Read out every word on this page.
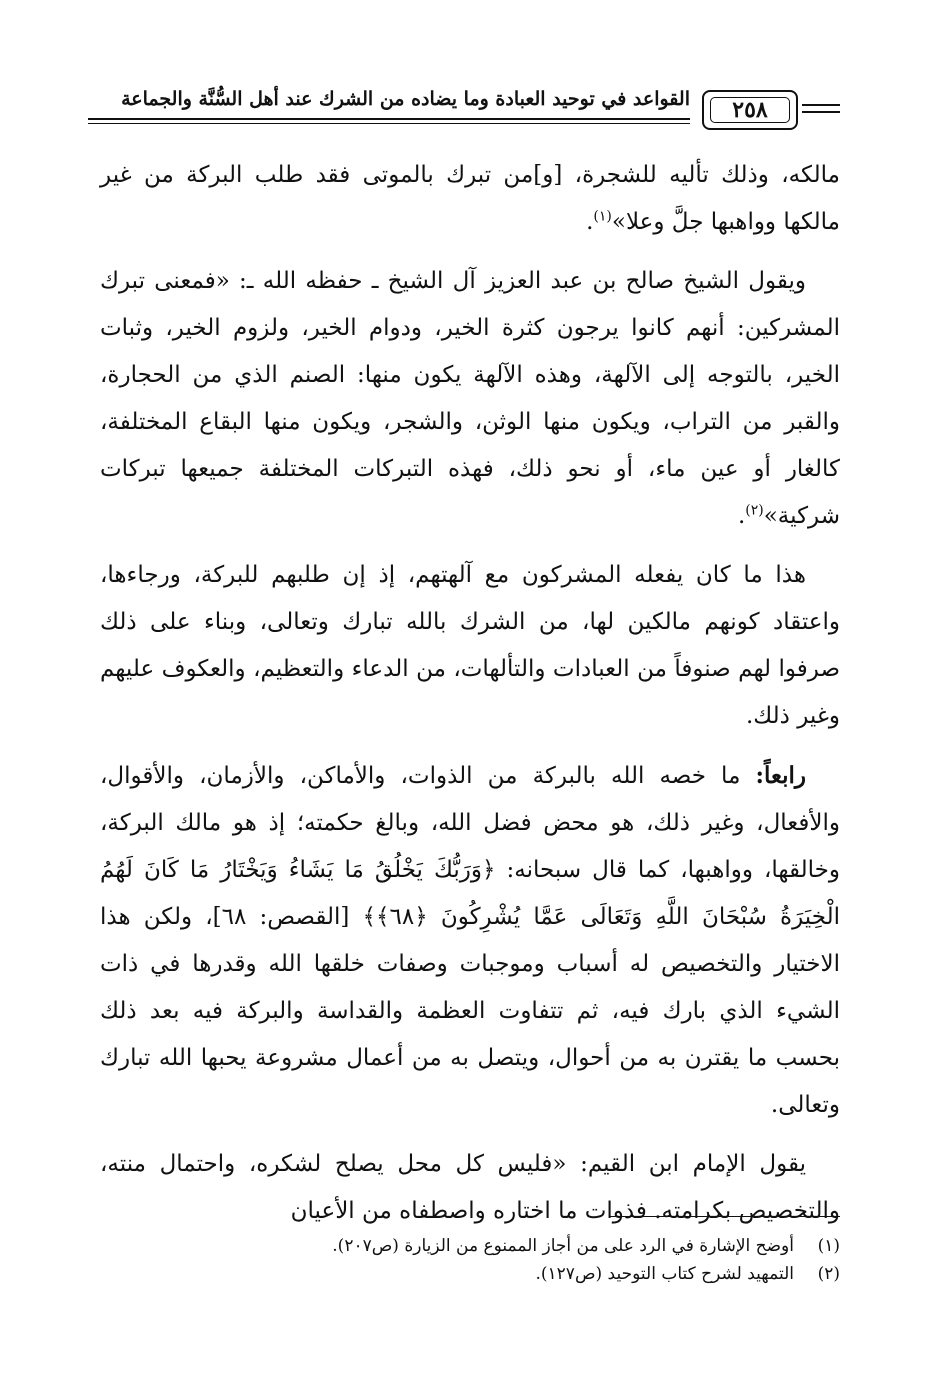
القواعد في توحيد العبادة وما يضاده من الشرك عند أهل السُّنَّة والجماعة	٢٥٨

مالكه، وذلك تأليه للشجرة، [و]من تبرك بالموتى فقد طلب البركة من غير مالكها وواهبها جلَّ وعلا»$^{(١)}$.

ويقول الشيخ صالح بن عبد العزيز آل الشيخ ـ حفظه الله ـ: «فمعنى تبرك المشركين: أنهم كانوا يرجون كثرة الخير، ودوام الخير، ولزوم الخير، وثبات الخير، بالتوجه إلى الآلهة، وهذه الآلهة يكون منها: الصنم الذي من الحجارة، والقبر من التراب، ويكون منها الوثن، والشجر، ويكون منها البقاع المختلفة، كالغار أو عين ماء، أو نحو ذلك، فهذه التبركات المختلفة جميعها تبركات شركية»$^{(٢)}$.

هذا ما كان يفعله المشركون مع آلهتهم، إذ إن طلبهم للبركة، ورجاءها، واعتقاد كونهم مالكين لها، من الشرك بالله تبارك وتعالى، وبناء على ذلك صرفوا لهم صنوفاً من العبادات والتألهات، من الدعاء والتعظيم، والعكوف عليهم وغير ذلك.

رابعاً: ما خصه الله بالبركة من الذوات، والأماكن، والأزمان، والأقوال، والأفعال، وغير ذلك، هو محض فضل الله، وبالغ حكمته؛ إذ هو مالك البركة، وخالقها، وواهبها، كما قال سبحانه: ﴿وَرَبُّكَ يَخْلُقُ مَا يَشَاءُ وَيَخْتَارُ مَا كَانَ لَهُمُ الْخِيَرَةُ سُبْحَانَ اللَّهِ وَتَعَالَى عَمَّا يُشْرِكُونَ ﴿٦٨﴾﴾ [القصص: ٦٨]، ولكن هذا الاختيار والتخصيص له أسباب وموجبات وصفات خلقها الله وقدرها في ذات الشيء الذي بارك فيه، ثم تتفاوت العظمة والقداسة والبركة فيه بعد ذلك بحسب ما يقترن به من أحوال، ويتصل به من أعمال مشروعة يحبها الله تبارك وتعالى.

يقول الإمام ابن القيم: «فليس كل محل يصلح لشكره، واحتمال منته، والتخصيص بكرامته. فذوات ما اختاره واصطفاه من الأعيان

(١)
أوضح الإشارة في الرد على من أجاز الممنوع من الزيارة (ص٢٠٧).
(٢)
التمهيد لشرح كتاب التوحيد (ص١٢٧).
